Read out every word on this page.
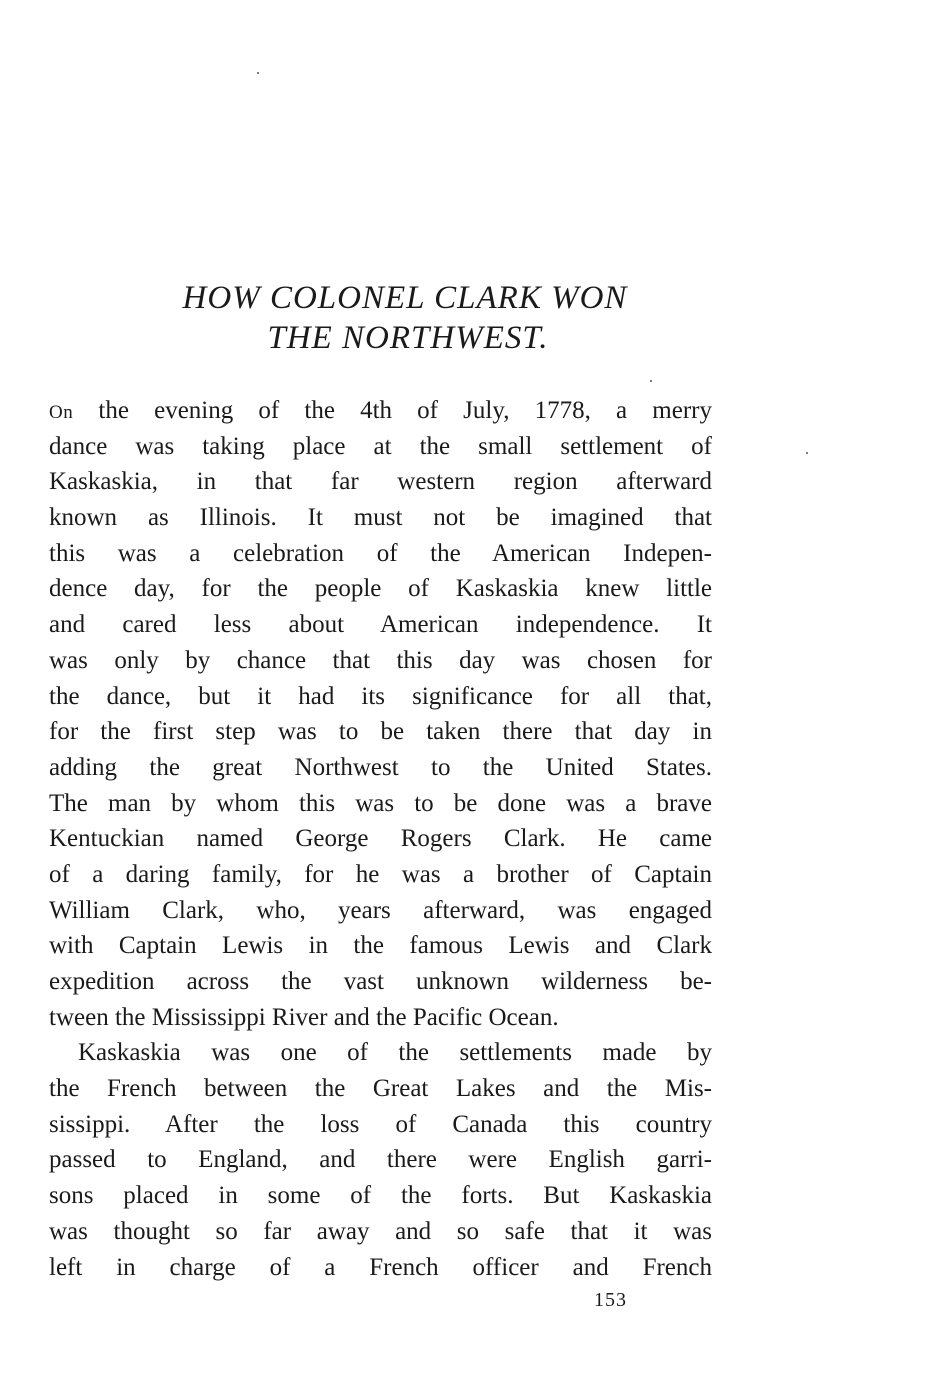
HOW COLONEL CLARK WON
THE NORTHWEST.
On the evening of the 4th of July, 1778, a merry
dance was taking place at the small settlement of
Kaskaskia, in that far western region afterward
known as Illinois. It must not be imagined that
this was a celebration of the American Indepen-
dence day, for the people of Kaskaskia knew little
and cared less about American independence. It
was only by chance that this day was chosen for
the dance, but it had its significance for all that,
for the first step was to be taken there that day in
adding the great Northwest to the United States.
The man by whom this was to be done was a brave
Kentuckian named George Rogers Clark. He came
of a daring family, for he was a brother of Captain
William Clark, who, years afterward, was engaged
with Captain Lewis in the famous Lewis and Clark
expedition across the vast unknown wilderness be-
tween the Mississippi River and the Pacific Ocean.
Kaskaskia was one of the settlements made by
the French between the Great Lakes and the Mis-
sissippi. After the loss of Canada this country
passed to England, and there were English garri-
sons placed in some of the forts. But Kaskaskia
was thought so far away and so safe that it was
left in charge of a French officer and French
153
